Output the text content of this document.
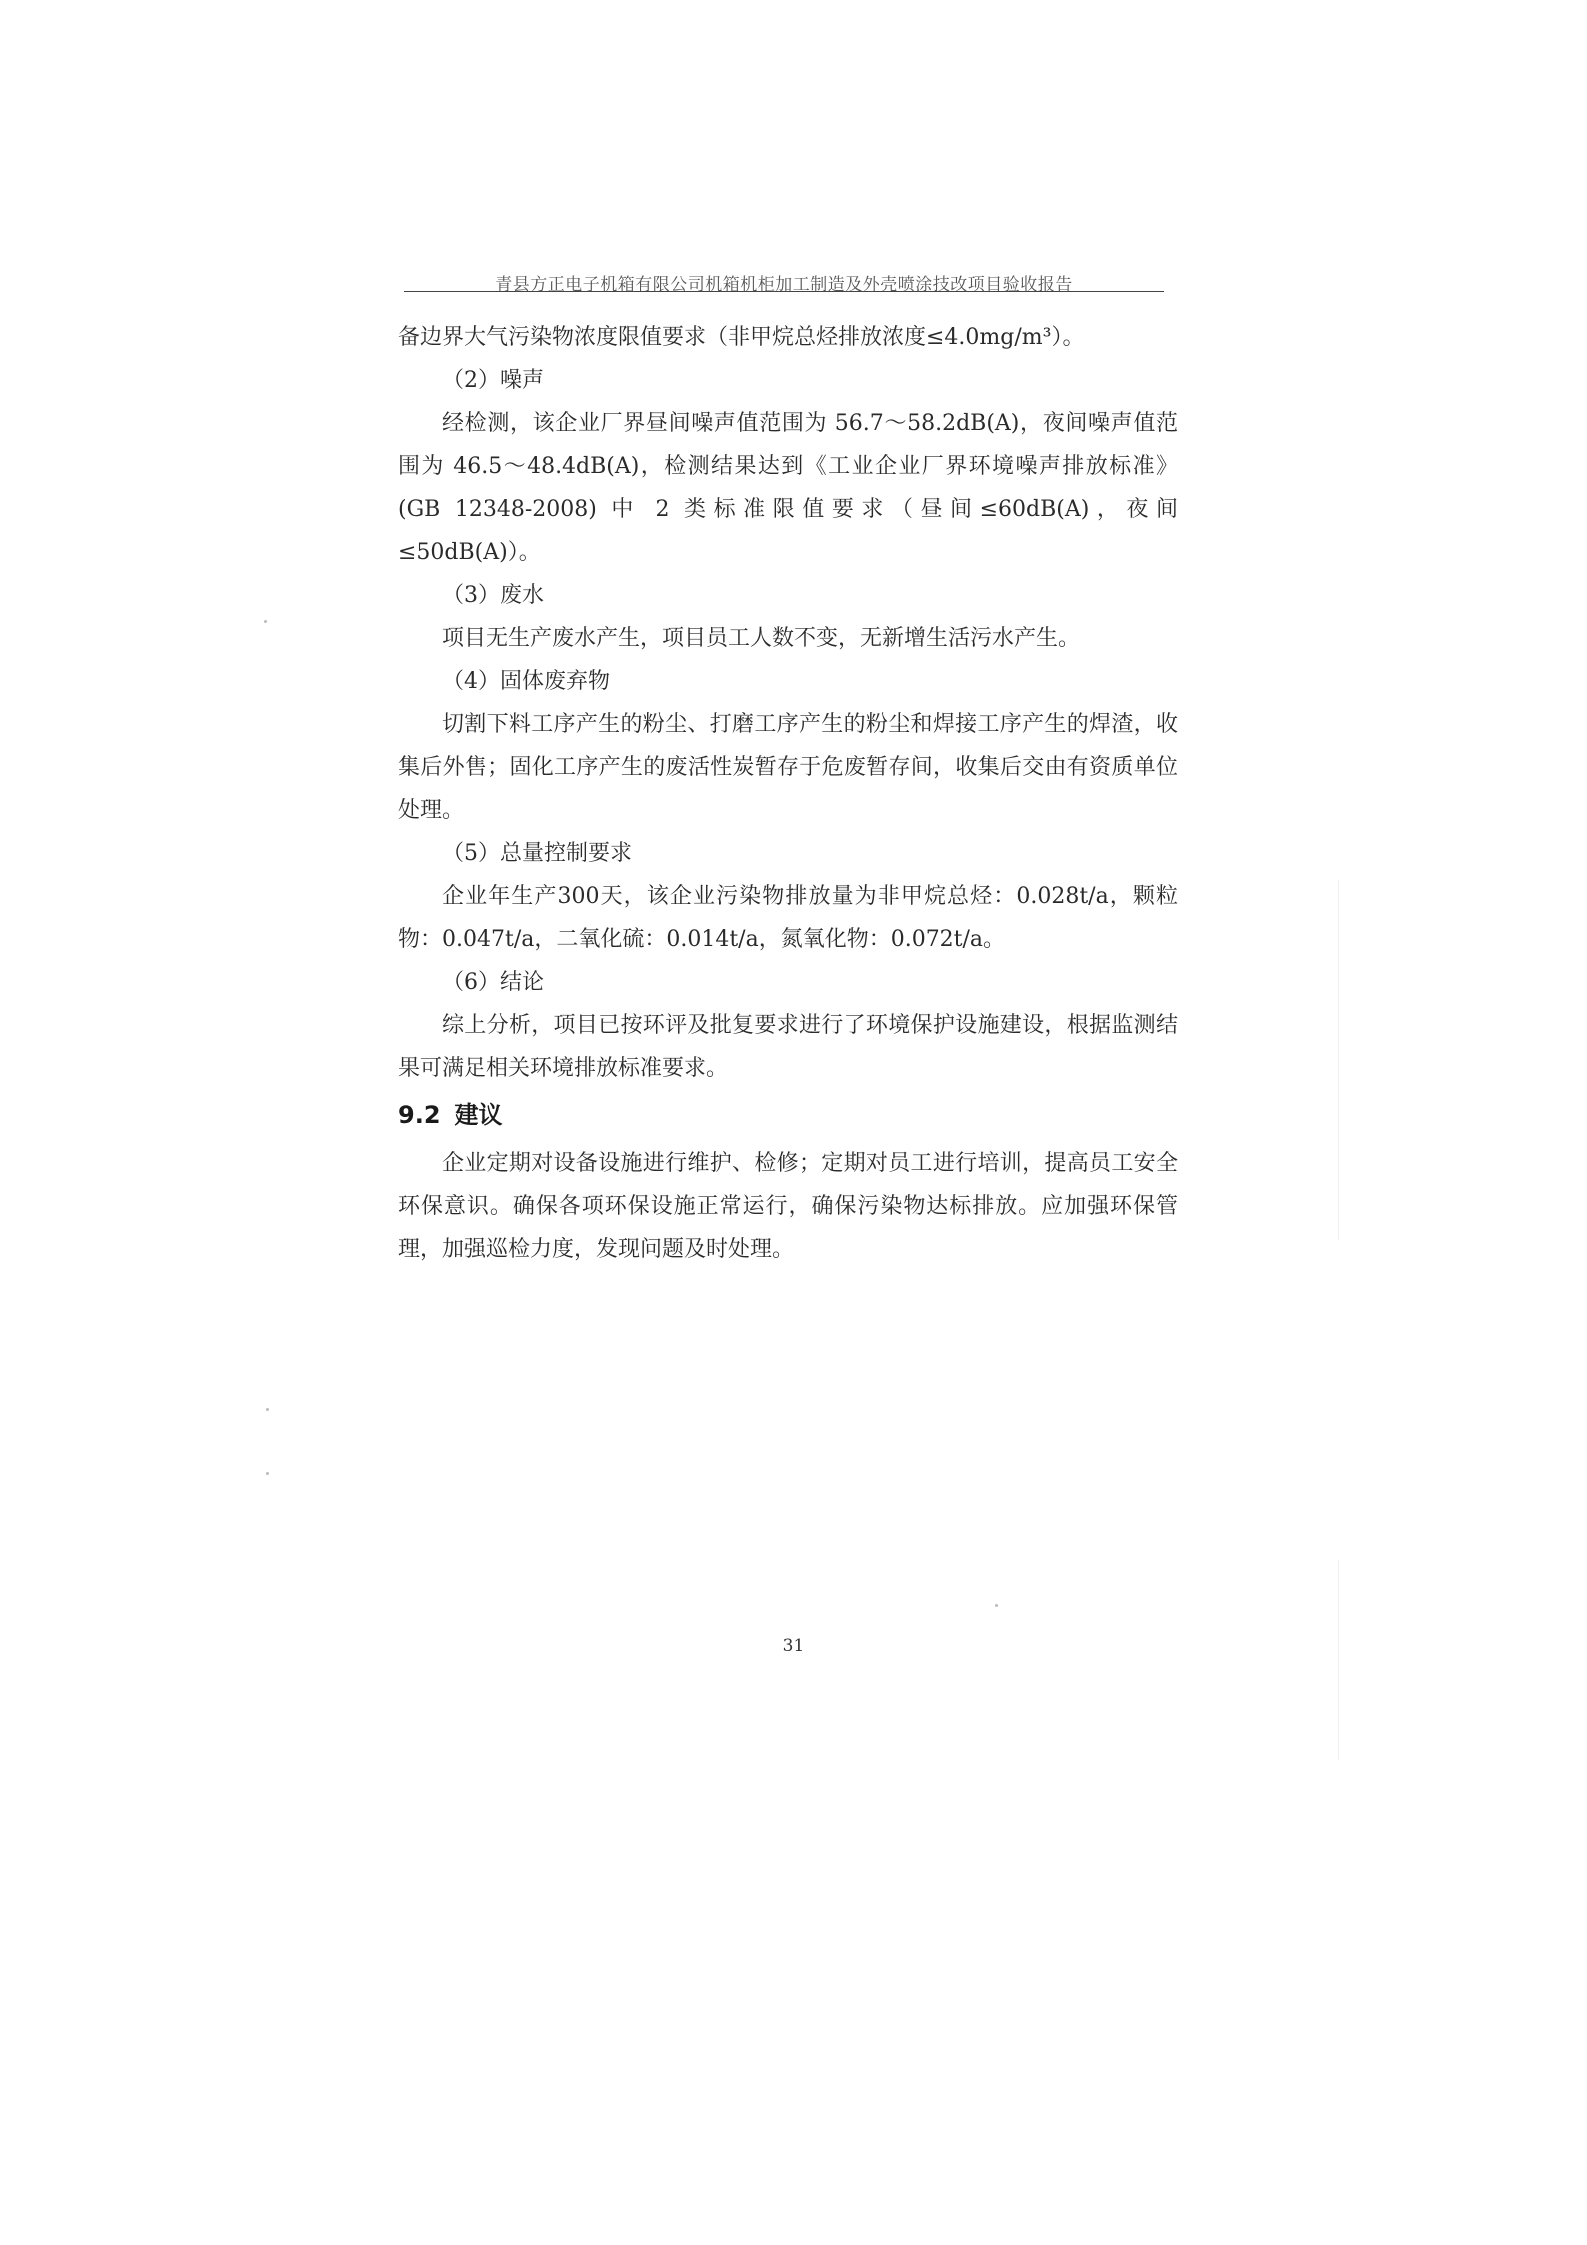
青县方正电子机箱有限公司机箱机柜加工制造及外壳喷涂技改项目验收报告

备边界大气污染物浓度限值要求（非甲烷总烃排放浓度≤4.0mg/m³）。

（2）噪声

经检测，该企业厂界昼间噪声值范围为 56.7～58.2dB(A)，夜间噪声值范围为 46.5～48.4dB(A)，检测结果达到《工业企业厂界环境噪声排放标准》(GB 12348-2008) 中 2 类标准限值要求（昼间≤60dB(A)，夜间≤50dB(A)）。

（3）废水

项目无生产废水产生，项目员工人数不变，无新增生活污水产生。

（4）固体废弃物

切割下料工序产生的粉尘、打磨工序产生的粉尘和焊接工序产生的焊渣，收集后外售；固化工序产生的废活性炭暂存于危废暂存间，收集后交由有资质单位处理。

（5）总量控制要求

企业年生产300天，该企业污染物排放量为非甲烷总烃：0.028t/a，颗粒物：0.047t/a，二氧化硫：0.014t/a，氮氧化物：0.072t/a。

（6）结论

综上分析，项目已按环评及批复要求进行了环境保护设施建设，根据监测结果可满足相关环境排放标准要求。

9.2 建议

企业定期对设备设施进行维护、检修；定期对员工进行培训，提高员工安全环保意识。确保各项环保设施正常运行，确保污染物达标排放。应加强环保管理，加强巡检力度，发现问题及时处理。

31
